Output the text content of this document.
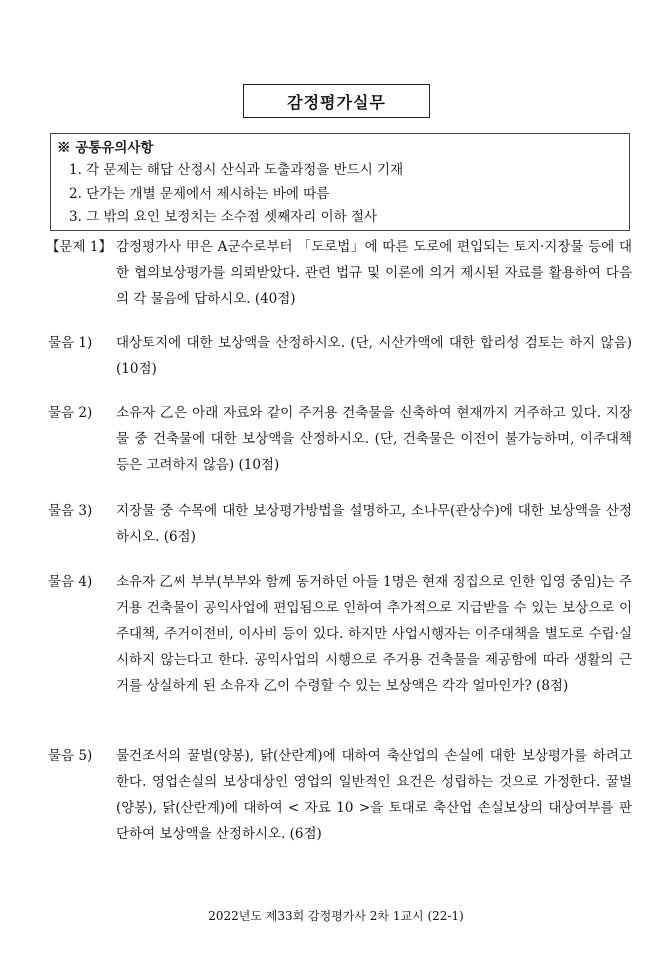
감정평가실무
※ 공통유의사항
1. 각 문제는 해답 산정시 산식과 도출과정을 반드시 기재
2. 단가는 개별 문제에서 제시하는 바에 따름
3. 그 밖의 요인 보정치는 소수점 셋째자리 이하 절사
【문제 1】 감정평가사 甲은 A군수로부터 「도로법」에 따른 도로에 편입되는 토지·지장물 등에 대한 협의보상평가를 의뢰받았다. 관련 법규 및 이론에 의거 제시된 자료를 활용하여 다음의 각 물음에 답하시오. (40점)
물음 1)	대상토지에 대한 보상액을 산정하시오. (단, 시산가액에 대한 합리성 검토는 하지 않음) (10점)
물음 2)	소유자 乙은 아래 자료와 같이 주거용 건축물을 신축하여 현재까지 거주하고 있다. 지장물 중 건축물에 대한 보상액을 산정하시오. (단, 건축물은 이전이 불가능하며, 이주대책 등은 고려하지 않음) (10점)
물음 3)	지장물 중 수목에 대한 보상평가방법을 설명하고, 소나무(관상수)에 대한 보상액을 산정하시오. (6점)
물음 4)	소유자 乙씨 부부(부부와 함께 동거하던 아들 1명은 현재 징집으로 인한 입영 중임)는 주거용 건축물이 공익사업에 편입됨으로 인하여 추가적으로 지급받을 수 있는 보상으로 이주대책, 주거이전비, 이사비 등이 있다. 하지만 사업시행자는 이주대책을 별도로 수립·실시하지 않는다고 한다. 공익사업의 시행으로 주거용 건축물을 제공함에 따라 생활의 근거를 상실하게 된 소유자 乙이 수령할 수 있는 보상액은 각각 얼마인가? (8점)
물음 5)	물건조서의 꿀벌(양봉), 닭(산란계)에 대하여 축산업의 손실에 대한 보상평가를 하려고 한다. 영업손실의 보상대상인 영업의 일반적인 요건은 성립하는 것으로 가정한다. 꿀벌(양봉), 닭(산란계)에 대하여 < 자료 10 >을 토대로 축산업 손실보상의 대상여부를 판단하여 보상액을 산정하시오. (6점)
2022년도 제33회 감정평가사 2차 1교시 (22-1)
